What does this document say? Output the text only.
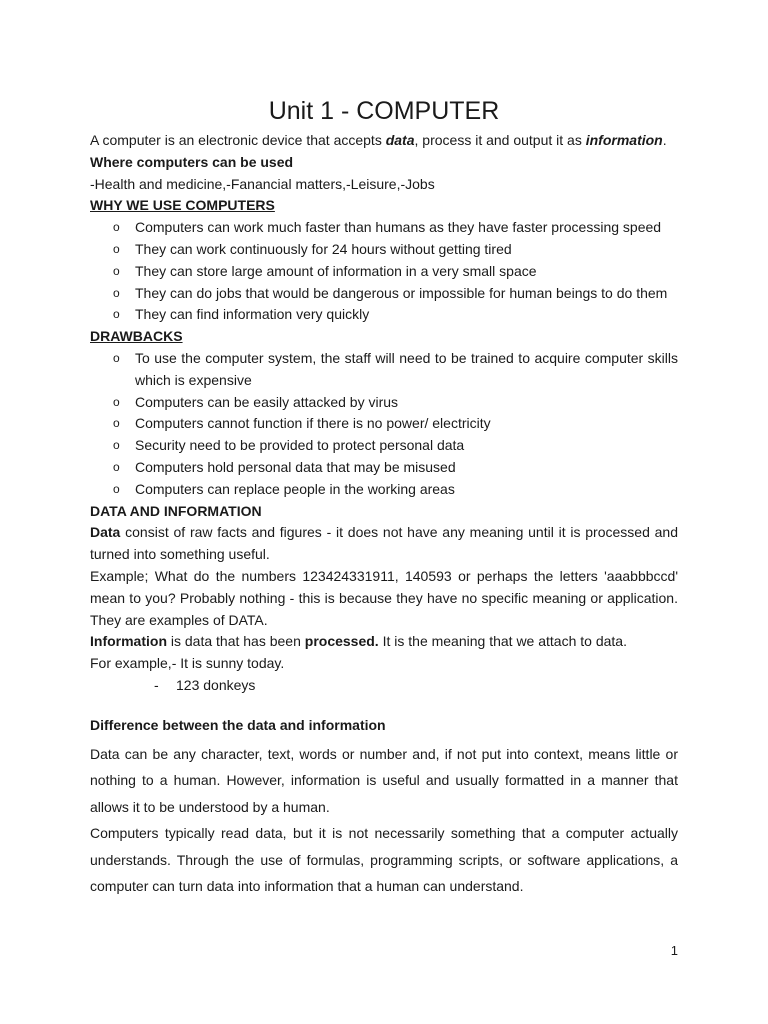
Unit 1 - COMPUTER

A computer is an electronic device that accepts data, process it and output it as information.

Where computers can be used

-Health and medicine,-Fanancial matters,-Leisure,-Jobs

WHY WE USE COMPUTERS

o Computers can work much faster than humans as they have faster processing speed
o They can work continuously for 24 hours without getting tired
o They can store large amount of information in a very small space
o They can do jobs that would be dangerous or impossible for human beings to do them
o They can find information very quickly

DRAWBACKS

o To use the computer system, the staff will need to be trained to acquire computer skills which is expensive
o Computers can be easily attacked by virus
o Computers cannot function if there is no power/ electricity
o Security need to be provided to protect personal data
o Computers hold personal data that may be misused
o Computers can replace people in the working areas

DATA AND INFORMATION

Data consist of raw facts and figures - it does not have any meaning until it is processed and turned into something useful.

Example; What do the numbers 123424331911, 140593 or perhaps the letters 'aaabbbccd' mean to you? Probably nothing - this is because they have no specific meaning or application. They are examples of DATA.

Information is data that has been processed. It is the meaning that we attach to data.

For example,- It is sunny today.

- 123 donkeys

Difference between the data and information

Data can be any character, text, words or number and, if not put into context, means little or nothing to a human. However, information is useful and usually formatted in a manner that allows it to be understood by a human.

Computers typically read data, but it is not necessarily something that a computer actually understands. Through the use of formulas, programming scripts, or software applications, a computer can turn data into information that a human can understand.

1
